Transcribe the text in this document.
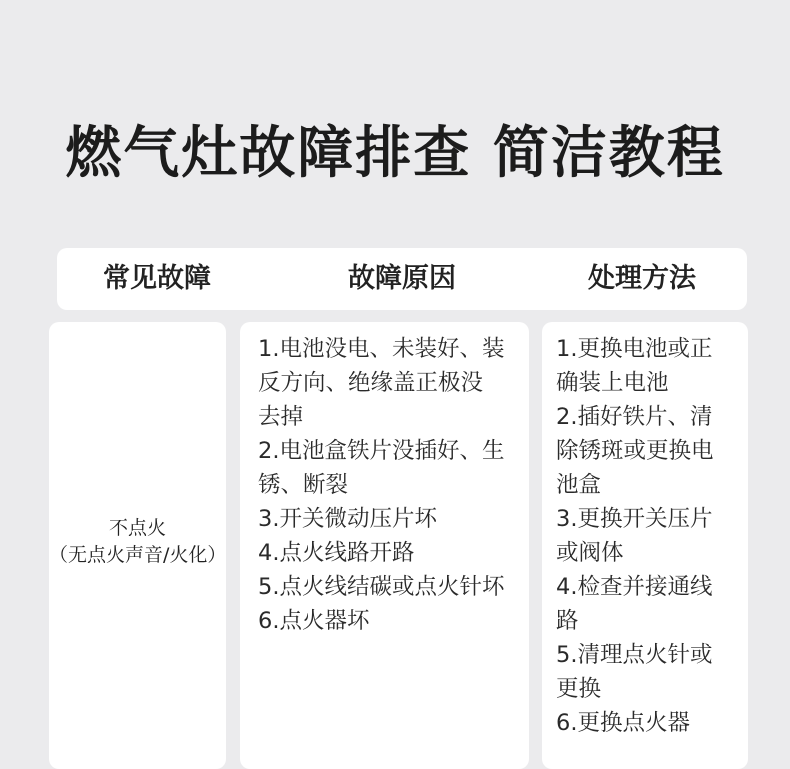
燃气灶故障排查 简洁教程
常见故障	故障原因	处理方法
不点火
（无点火声音/火化）
1.电池没电、未装好、装
反方向、绝缘盖正极没
去掉
2.电池盒铁片没插好、生
锈、断裂
3.开关微动压片坏
4.点火线路开路
5.点火线结碳或点火针坏
6.点火器坏
1.更换电池或正
确装上电池
2.插好铁片、清
除锈斑或更换电
池盒
3.更换开关压片
或阀体
4.检查并接通线
路
5.清理点火针或
更换
6.更换点火器
